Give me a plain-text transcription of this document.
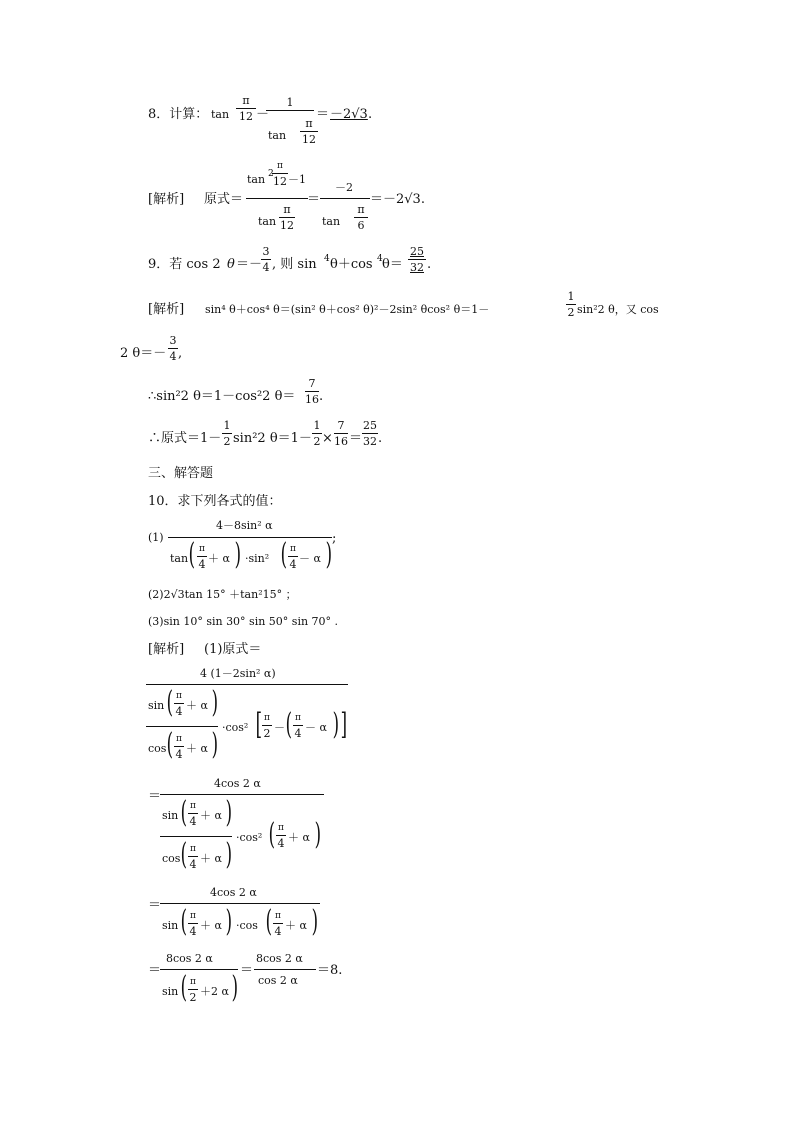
8．计算： tan
π
12 －
1
tan
π
12
＝ －2√3 .
[解析] 原式＝
tan 2
π
12 －1
tan
π
12
＝
－2
tan
π
6
＝ －2√3.
9．若 cos 2 θ ＝－
3
4 , 则 sin 4 θ＋cos 4 θ＝
25
32 .
[解析] sin⁴ θ＋cos⁴ θ＝(sin² θ＋cos² θ)²－2sin² θcos² θ＝1－
1
2 sin²2 θ，又 cos
2 θ＝－
3
4 ,
∴sin²2 θ＝1－cos²2 θ＝
7
16 .
∴原式＝1－
1
2 sin²2 θ＝1－
1
2 ×
7
16 ＝
25
32 .
三、解答题
10．求下列各式的值：
(1)
4－8sin² α
tan ( π
4 ＋ α ) ·sin² ( π
4 － α ) ;
(2)2√3tan 15° ＋tan²15° ；
(3)sin 10° sin 30° sin 50° sin 70° .
[解析] (1)原式＝
4 (1－2sin² α)
sin ( π
4 ＋ α )
cos ( π
4 ＋ α ) ·cos² [ π
2 － ( π
4 － α ) ]
＝
4cos 2 α
sin ( π
4 ＋ α )
cos ( π
4 ＋ α ) ·cos² ( π
4 ＋ α )
＝
4cos 2 α
sin ( π
4 ＋ α ) ·cos ( π
4 ＋ α )
＝
8cos 2 α
sin ( π
2 ＋2 α ) ＝
8cos 2 α
cos 2 α
＝8.
